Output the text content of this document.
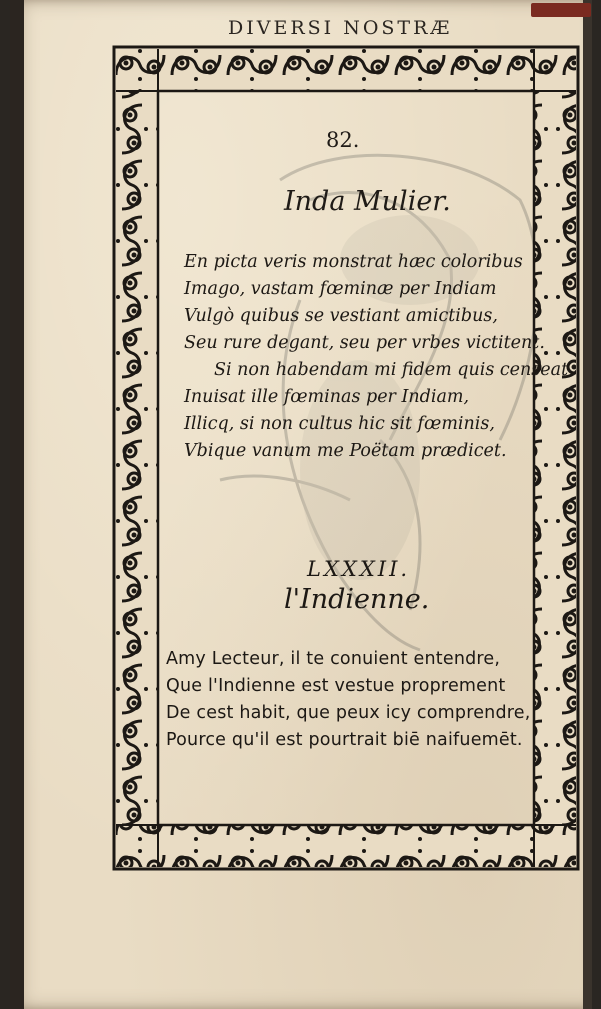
DIVERSI NOSTRÆ
82.
Inda Mulier.
En picta veris monstrat hæc coloribus
Imago, vastam fœminæ per Indiam
Vulgò quibus se vestiant amictibus,
Seu rure degant, seu per vrbes victitent.
Si non habendam mi fidem quis censeat,
Inuisat ille fœminas per Indiam,
Illicq, si non cultus hic sit fœminis,
Vbique vanum me Poëtam prædicet.
LXXXII.
l'Indienne.
Amy Lecteur, il te conuient entendre,
Que l'Indienne est vestue proprement
De cest habit, que peux icy comprendre,
Pource qu'il est pourtrait biē naifuemēt.
